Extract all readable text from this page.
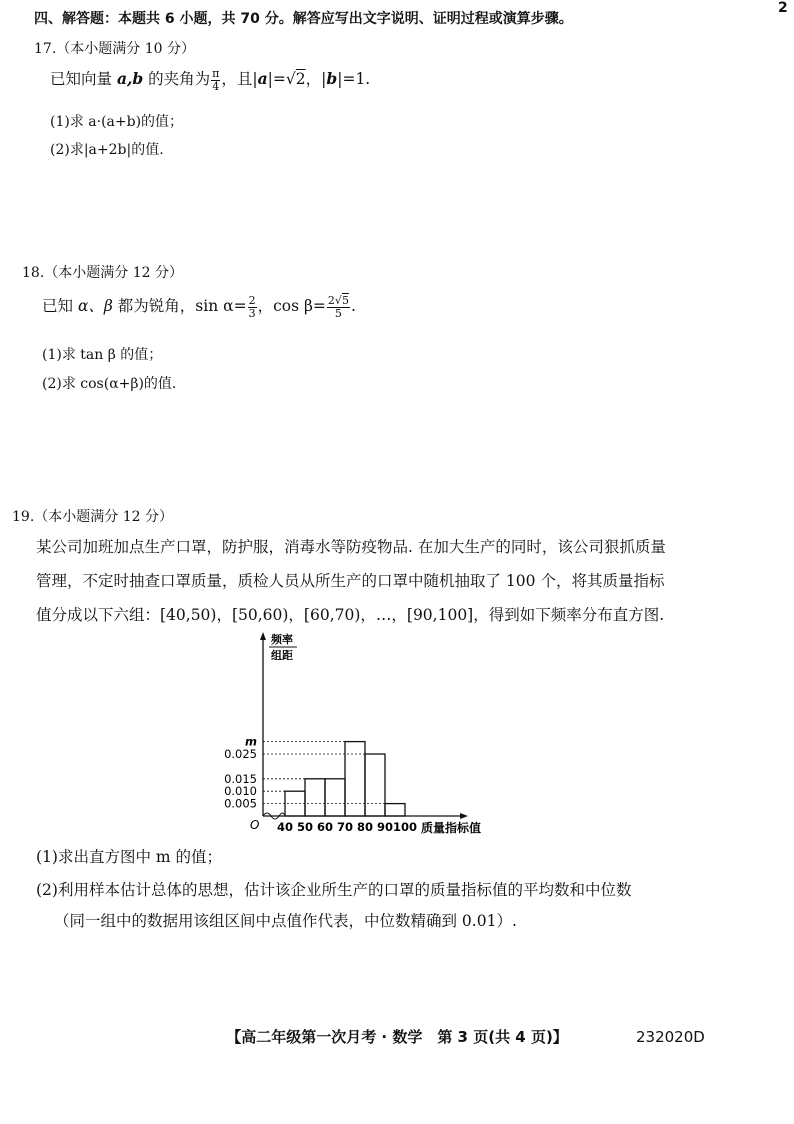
四、解答题：本题共 6 小题，共 70 分。解答应写出文字说明、证明过程或演算步骤。
2
17.（本小题满分 10 分）
已知向量 a,b 的夹角为 $\frac{\pi}{4}$ ，且|a|=√2，|b|=1.
(1)求 a·(a+b)的值；
(2)求|a+2b|的值.
18.（本小题满分 12 分）
已知 α、β 都为锐角，$\sin \alpha= \frac{2}{3}$ ，$\cos \beta= \frac{2√5}{5}$ .
(1)求 tan β 的值；
(2)求 cos(α+β)的值.
19.（本小题满分 12 分）
某公司加班加点生产口罩，防护服，消毒水等防疫物品. 在加大生产的同时，该公司狠抓质量
管理，不定时抽查口罩质量，质检人员从所生产的口罩中随机抽取了 100 个，将其质量指标
值分成以下六组：[40,50)，[50,60)，[60,70)，…，[90,100]，得到如下频率分布直方图.
频率
组距
O
0.005
0.010
0.015
0.025
m
40 50 60 70 80 90 100 质量指标值
(1)求出直方图中 m 的值；
(2)利用样本估计总体的思想，估计该企业所生产的口罩的质量指标值的平均数和中位数
（同一组中的数据用该组区间中点值作代表，中位数精确到 0.01）.
【高二年级第一次月考 · 数学　第 3 页(共 4 页)】	232020D
